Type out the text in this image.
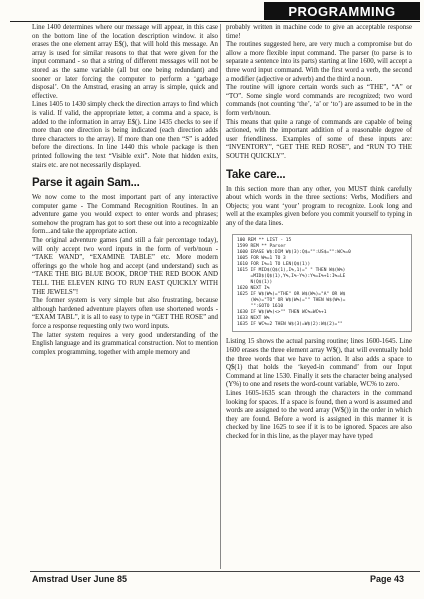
PROGRAMMING

Line 1400 determines where our message will appear, in this case on the bottom line of the location description window. it also erases the one element array E$(), that will hold this message. An array is used for similar reasons to that that were given for the input command - so that a string of different messages will not be stored as the same variable (all but one being redundant) and sooner or later forcing the computer to perform a ‘garbage disposal’. On the Amstrad, erasing an array is simple, quick and effective.

Lines 1405 to 1430 simply check the direction arrays to find which is valid. If valid, the appropriate letter, a comma and a space, is added to the information in array E$(). Line 1435 checks to see if more than one direction is being indicated (each direction adds three characters to the array). If more than one then “S” is added before the directions. In line 1440 this whole package is then printed following the text “Visible exit”. Note that hidden exits, stairs etc. are not necessarily displayed.

Parse it again Sam...

We now come to the most important part of any interactive computer game - The Command Recognition Routines. In an adventure game you would expect to enter words and phrases; somehow the program has got to sort these out into a recognizable form...and take the appropriate action.

The original adventure games (and still a fair percentage today), will only accept two word inputs in the form of verb/noun - “TAKE WAND”, “EXAMINE TABLE” etc. More modern offerings go the whole hog and accept (and understand) such as “TAKE THE BIG BLUE BOOK, DROP THE RED BOOK AND TELL THE ELEVEN KING TO RUN EAST QUICKLY WITH THE JEWELS”!

The former system is very simple but also frustrating, because although hardened adventure players often use shortened words - “EXAM TABL”, it is all to easy to type in “GET THE ROSE” and force a response requesting only two word inputs.

The latter system requires a very good understanding of the English language and its grammatical construction. Not to mention complex programming, together with ample memory and

probably written in machine code to give an acceptable response time!

The routines suggested here, are very much a compromise but do allow a more flexible input command. The parser (to parse is to separate a sentence into its parts) starting at line 1600, will accept a three word input command. With the first word a verb, the second a modifier (adjective or adverb) and the third a noun.

The routine will ignore certain words such as “THE”, “A” or “TO”. Some single word commands are recognized; two word commands (not counting ‘the’, ‘a’ or ‘to’) are assumed to be in the form verb/noun.

This means that quite a range of commands are capable of being actioned, with the important addition of a reasonable degree of user friendliness. Examples of some of these inputs are: “INVENTORY”, “GET THE RED ROSE”, and “RUN TO THE SOUTH QUICKLY”.

Take care...

In this section more than any other, you MUST think carefully about which words in the three sections: Verbs, Modifiers and Objects; you want ‘your’ program to recognize. Look long and well at the examples given before you commit yourself to typing in any of the data lines.

100 REM ** LIST - 15
1599 REM ** Parser
1600 ERASE W$:DIM W$(3):Q$="":US$="":WC%=0
1605 FOR W%=1 TO 3
1610 FOR I%=1 TO LEN(Q$(1))
1615 IF MID$(Q$(1),I%,1)=" " THEN W$(W%)
=MID$(Q$(1),Y%,I%-Y%):Y%=I%+1:I%=LE
N(Q$(1))
1620 NEXT I%
1625 IF W$(W%)="THE" OR W$(W%)="A" OR W$
(W%)="TO" OR W$(W%)="" THEN W$(W%)=
"":GOTO 1610
1630 IF W$(W%)<>"" THEN WC%=WC%+1
1633 NEXT W%
1635 IF WC%=2 THEN W$(3)=W$(2):W$(2)=""

Listing 15 shows the actual parsing routine; lines 1600-1645. Line 1600 erases the three element array W$(), that will eventually hold the three words that we have to action. It also adds a space to Q$(1) that holds the ‘keyed-in command’ from our Input Command at line 1530. Finally it sets the character being analysed (Y%) to one and resets the word-count variable, WC% to zero.

Lines 1605-1635 scan through the characters in the command looking for spaces. If a space is found, then a word is assumed and words are assigned to the word array (W$()) in the order in which they are found. Before a word is assigned in this manner it is checked by line 1625 to see if it is to be ignored. Spaces are also checked for in this line, as the player may have typed

Amstrad User June 85	Page 43
